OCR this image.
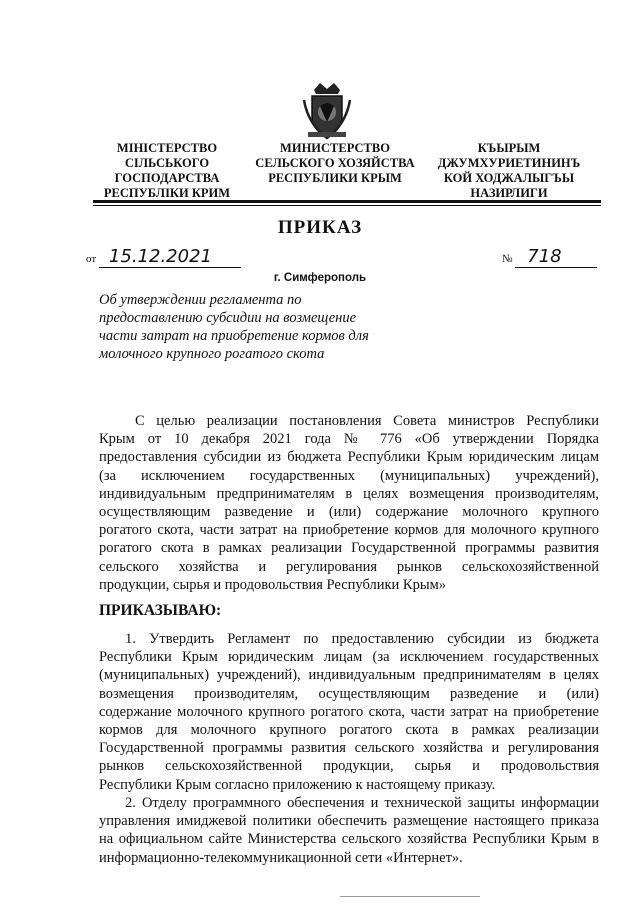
МІНІСТЕРСТВО
СІЛЬСЬКОГО
ГОСПОДАРСТВА
РЕСПУБЛІКИ КРИМ
МИНИСТЕРСТВО
СЕЛЬСКОГО ХОЗЯЙСТВА
РЕСПУБЛИКИ КРЫМ
КЪЫРЫМ
ДЖУМХУРИЕТИНИНЪ
КОЙ ХОДЖАЛЫГЪЫ
НАЗИРЛИГИ
ПРИКАЗ
от 15.12.2021	№ 718
г. Симферополь
Об утверждении регламента по
предоставлению субсидии на возмещение
части затрат на приобретение кормов для
молочного крупного рогатого скота
С целью реализации постановления Совета министров Республики
Крым от 10 декабря 2021 года № 776 «Об утверждении Порядка
предоставления субсидии из бюджета Республики Крым юридическим лицам
(за исключением государственных (муниципальных) учреждений),
индивидуальным предпринимателям в целях возмещения производителям,
осуществляющим разведение и (или) содержание молочного крупного
рогатого скота, части затрат на приобретение кормов для молочного крупного
рогатого скота в рамках реализации Государственной программы развития
сельского хозяйства и регулирования рынков сельскохозяйственной
продукции, сырья и продовольствия Республики Крым»
ПРИКАЗЫВАЮ:
1. Утвердить Регламент по предоставлению субсидии из бюджета
Республики Крым юридическим лицам (за исключением государственных
(муниципальных) учреждений), индивидуальным предпринимателям в целях
возмещения производителям, осуществляющим разведение и (или)
содержание молочного крупного рогатого скота, части затрат на приобретение
кормов для молочного крупного рогатого скота в рамках реализации
Государственной программы развития сельского хозяйства и регулирования
рынков сельскохозяйственной продукции, сырья и продовольствия
Республики Крым согласно приложению к настоящему приказу.
2. Отделу программного обеспечения и технической защиты информации
управления имиджевой политики обеспечить размещение настоящего приказа
на официальном сайте Министерства сельского хозяйства Республики Крым в
информационно-телекоммуникационной сети «Интернет».
